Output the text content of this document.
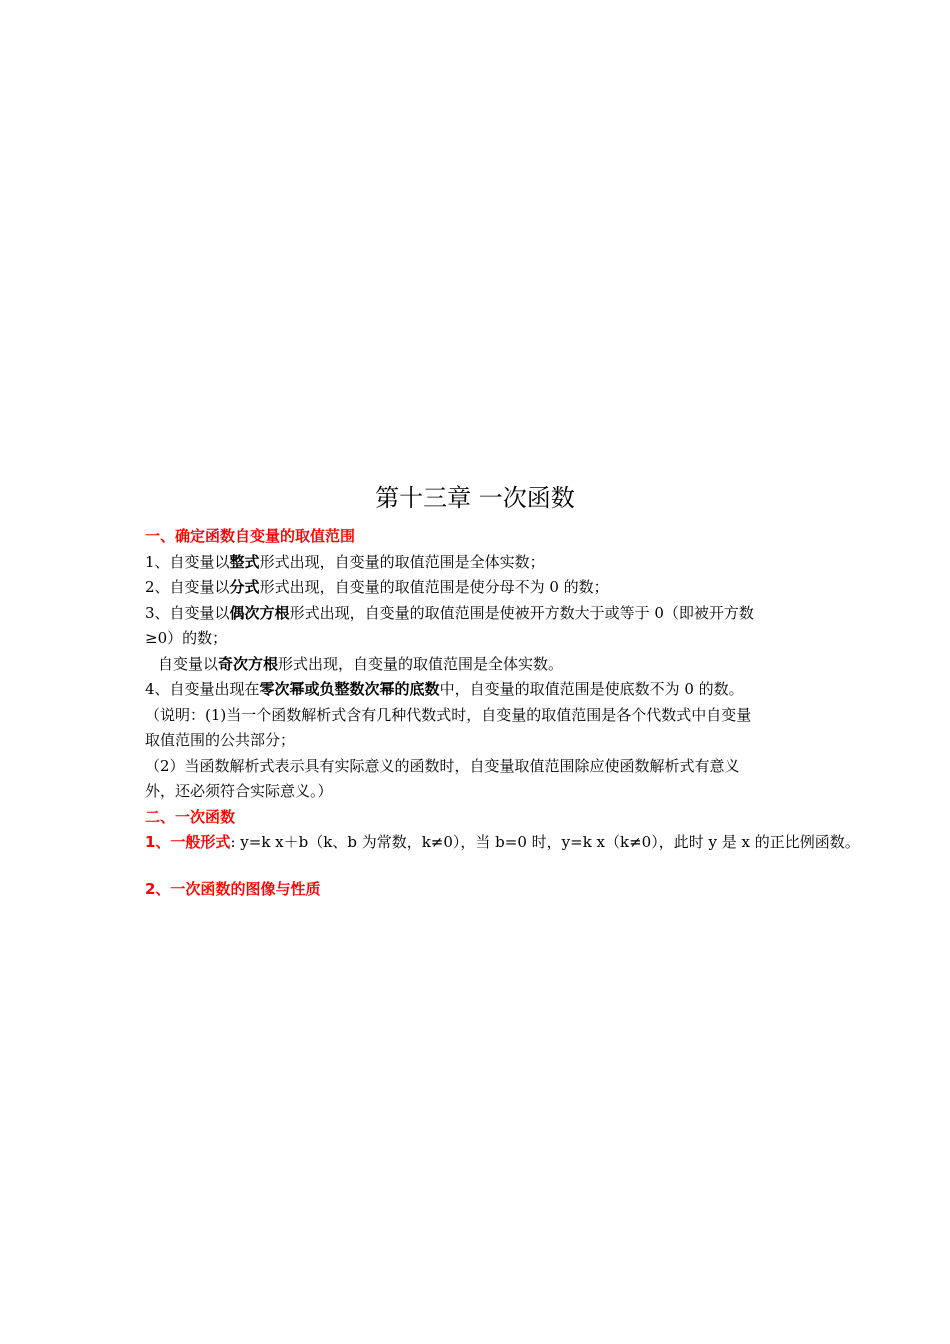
第十三章 一次函数
一、确定函数自变量的取值范围
1、自变量以整式形式出现，自变量的取值范围是全体实数；
2、自变量以分式形式出现，自变量的取值范围是使分母不为 0 的数；
3、自变量以偶次方根形式出现，自变量的取值范围是使被开方数大于或等于 0（即被开方数
≥0）的数；
自变量以奇次方根形式出现，自变量的取值范围是全体实数。
4、自变量出现在零次幂或负整数次幂的底数中，自变量的取值范围是使底数不为 0 的数。
（说明：(1)当一个函数解析式含有几种代数式时，自变量的取值范围是各个代数式中自变量
取值范围的公共部分；
（2）当函数解析式表示具有实际意义的函数时，自变量取值范围除应使函数解析式有意义
外，还必须符合实际意义。）
二、一次函数
1、一般形式: y=k x＋b（k、b 为常数，k≠0），当 b=0 时，y=k x（k≠0），此时 y 是 x 的正比例函数。
2、一次函数的图像与性质
